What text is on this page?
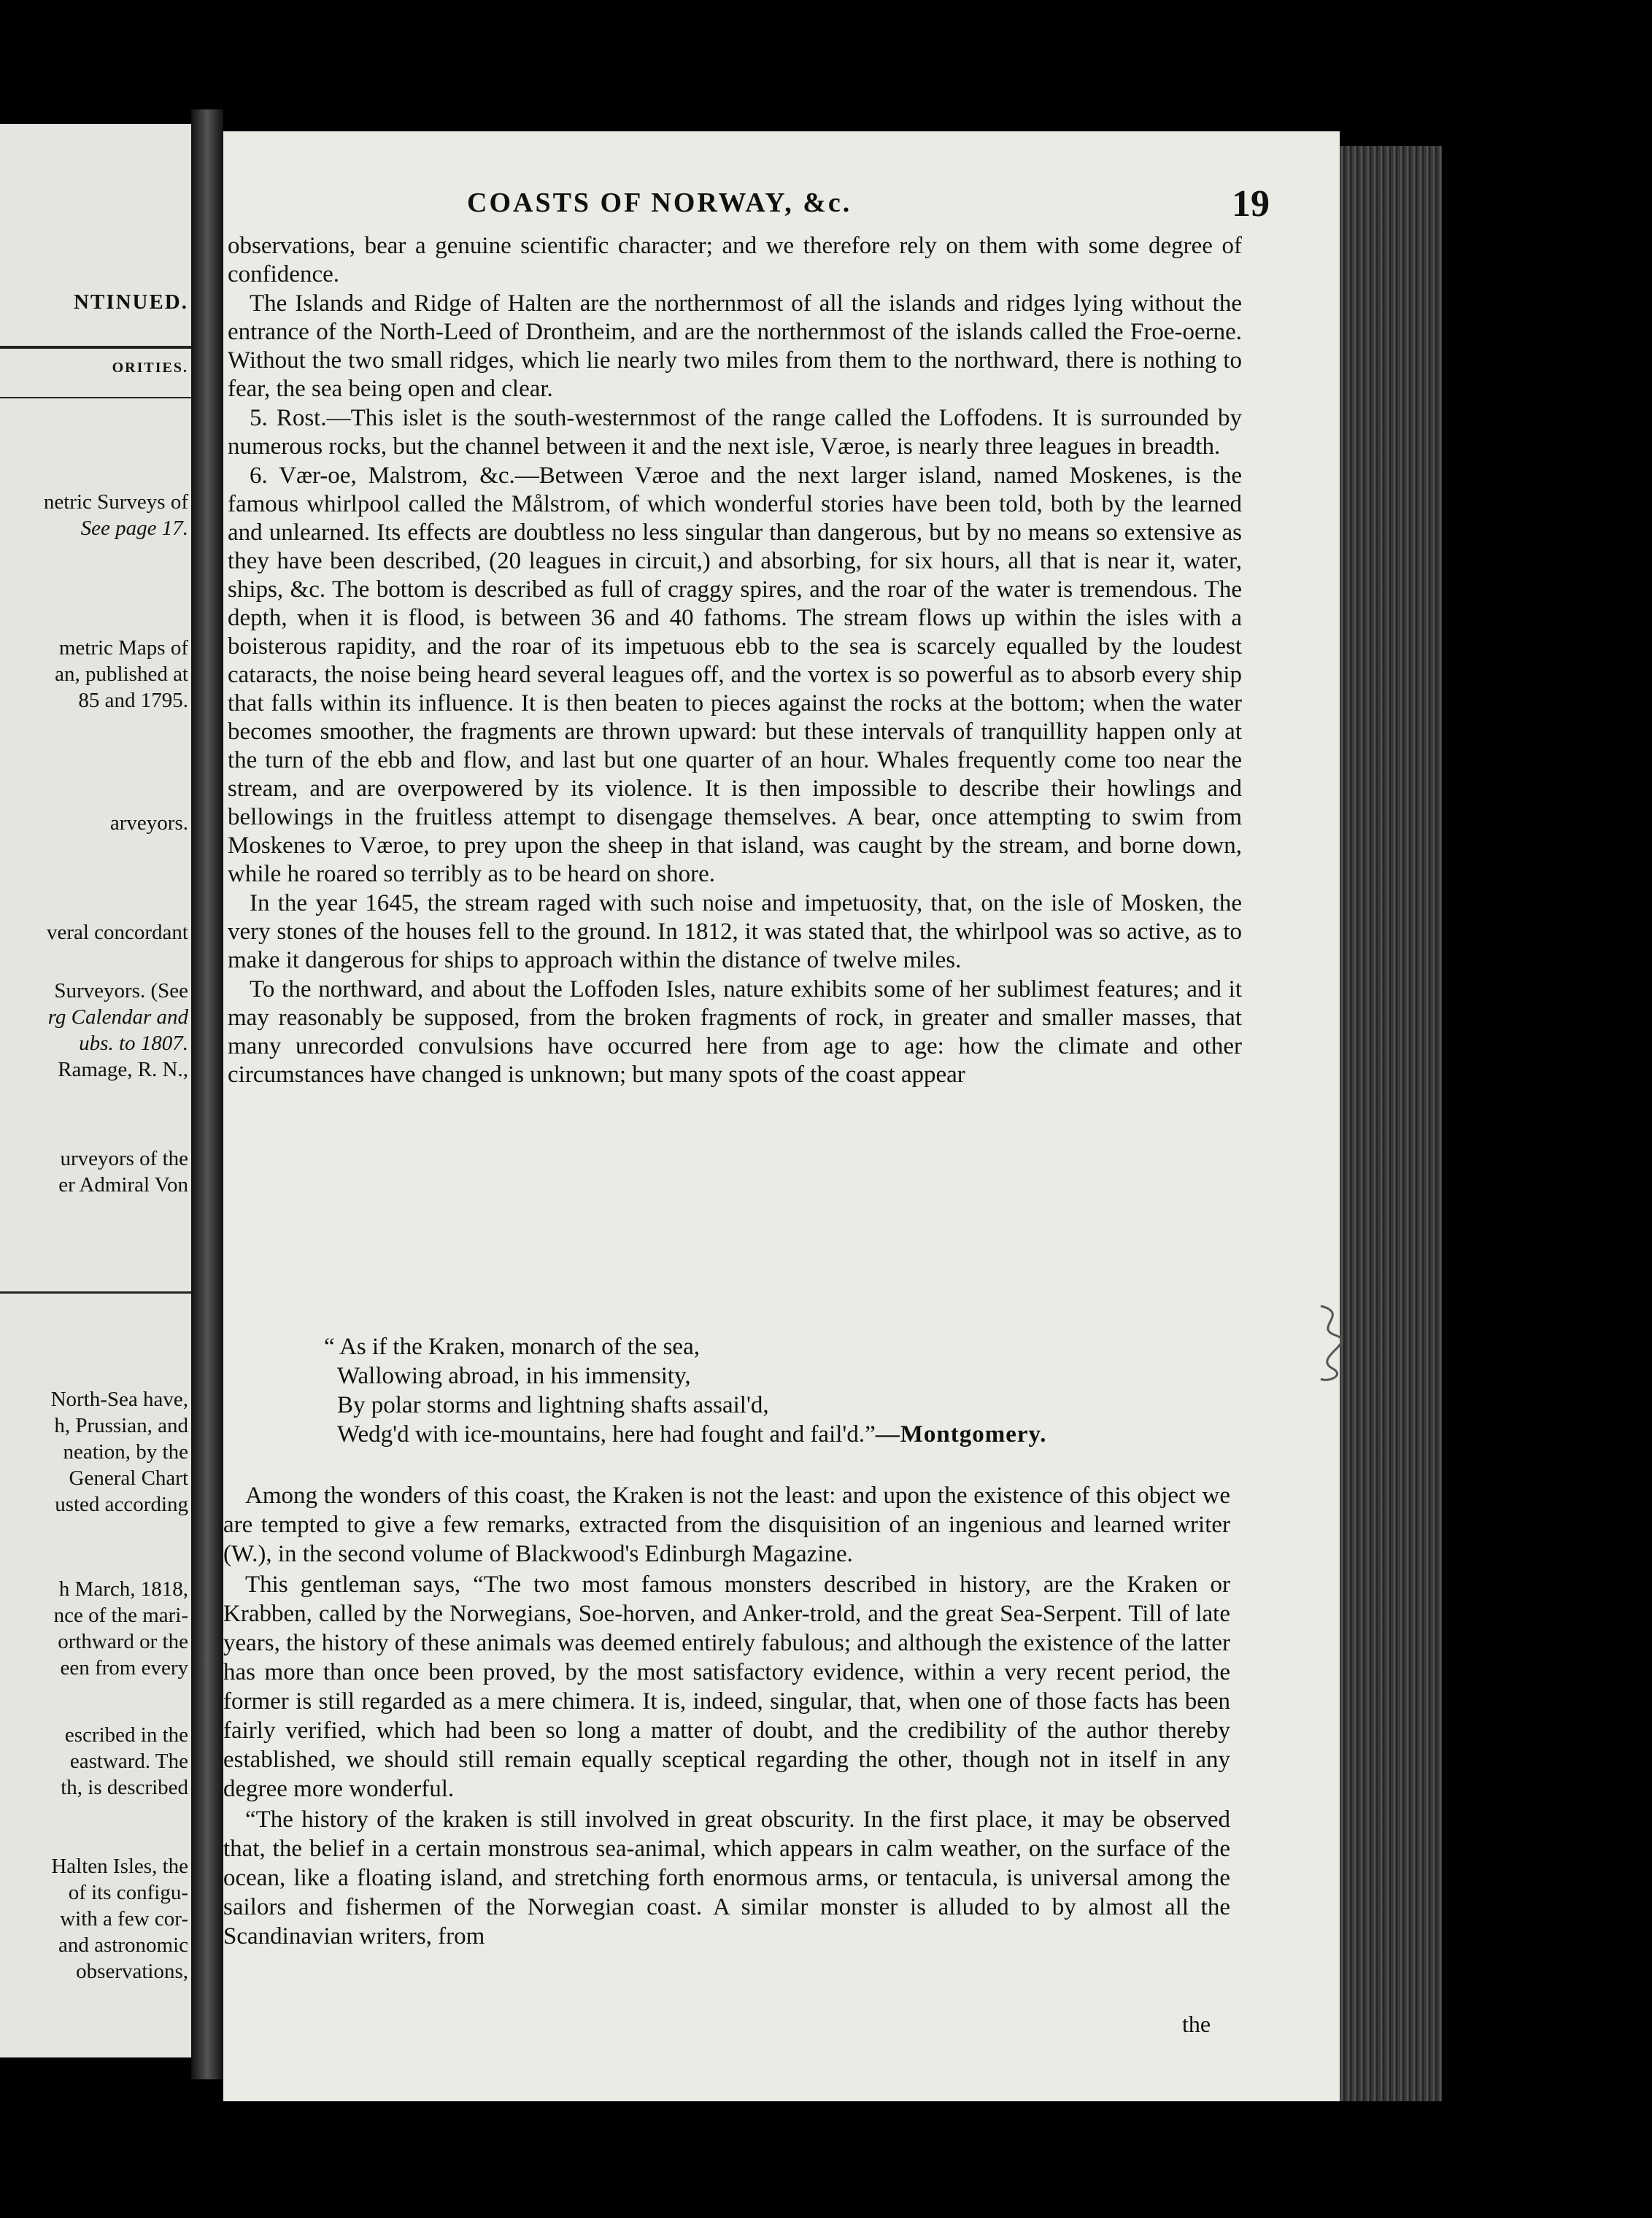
NTINUED.
ORITIES.
netric Surveys of
See page 17.
metric Maps of
an, published at
85 and 1795.
arveyors.
veral concordant
Surveyors. (See
rg Calendar and
ubs. to 1807.
Ramage, R. N.,
urveyors of the
er Admiral Von
North-Sea have,
h, Prussian, and
neation, by the
General Chart
usted according
h March, 1818,
nce of the mari-
orthward or the
een from every
escribed in the
eastward. The
th, is described
Halten Isles, the
of its configu-
with a few cor-
and astronomic
observations,
COASTS OF NORWAY, &c.	19

observations, bear a genuine scientific character; and we therefore rely on them with some degree of confidence.

The Islands and Ridge of Halten are the northernmost of all the islands and ridges lying without the entrance of the North-Leed of Drontheim, and are the northernmost of the islands called the Froe-oerne. Without the two small ridges, which lie nearly two miles from them to the northward, there is nothing to fear, the sea being open and clear.

5. Rost.—This islet is the south-westernmost of the range called the Loffodens. It is surrounded by numerous rocks, but the channel between it and the next isle, Væroe, is nearly three leagues in breadth.

6. Vær-oe, Malstrom, &c.—Between Væroe and the next larger island, named Moskenes, is the famous whirlpool called the Målstrom, of which wonderful stories have been told, both by the learned and unlearned. Its effects are doubtless no less singular than dangerous, but by no means so extensive as they have been described, (20 leagues in circuit,) and absorbing, for six hours, all that is near it, water, ships, &c. The bottom is described as full of craggy spires, and the roar of the water is tremendous. The depth, when it is flood, is between 36 and 40 fathoms. The stream flows up within the isles with a boisterous rapidity, and the roar of its impetuous ebb to the sea is scarcely equalled by the loudest cataracts, the noise being heard several leagues off, and the vortex is so powerful as to absorb every ship that falls within its influence. It is then beaten to pieces against the rocks at the bottom; when the water becomes smoother, the fragments are thrown upward: but these intervals of tranquillity happen only at the turn of the ebb and flow, and last but one quarter of an hour. Whales frequently come too near the stream, and are overpowered by its violence. It is then impossible to describe their howlings and bellowings in the fruitless attempt to disengage themselves. A bear, once attempting to swim from Moskenes to Væroe, to prey upon the sheep in that island, was caught by the stream, and borne down, while he roared so terribly as to be heard on shore.

In the year 1645, the stream raged with such noise and impetuosity, that, on the isle of Mosken, the very stones of the houses fell to the ground. In 1812, it was stated that, the whirlpool was so active, as to make it dangerous for ships to approach within the distance of twelve miles.

To the northward, and about the Loffoden Isles, nature exhibits some of her sublimest features; and it may reasonably be supposed, from the broken fragments of rock, in greater and smaller masses, that many unrecorded convulsions have occurred here from age to age: how the climate and other circumstances have changed is unknown; but many spots of the coast appear

“ As if the Kraken, monarch of the sea,
Wallowing abroad, in his immensity,
By polar storms and lightning shafts assail'd,
Wedg'd with ice-mountains, here had fought and fail'd.”—Montgomery.

Among the wonders of this coast, the Kraken is not the least: and upon the existence of this object we are tempted to give a few remarks, extracted from the disquisition of an ingenious and learned writer (W.), in the second volume of Blackwood's Edinburgh Magazine.

This gentleman says, “The two most famous monsters described in history, are the Kraken or Krabben, called by the Norwegians, Soe-horven, and Anker-trold, and the great Sea-Serpent. Till of late years, the history of these animals was deemed entirely fabulous; and although the existence of the latter has more than once been proved, by the most satisfactory evidence, within a very recent period, the former is still regarded as a mere chimera. It is, indeed, singular, that, when one of those facts has been fairly verified, which had been so long a matter of doubt, and the credibility of the author thereby established, we should still remain equally sceptical regarding the other, though not in itself in any degree more wonderful.

“The history of the kraken is still involved in great obscurity. In the first place, it may be observed that, the belief in a certain monstrous sea-animal, which appears in calm weather, on the surface of the ocean, like a floating island, and stretching forth enormous arms, or tentacula, is universal among the sailors and fishermen of the Norwegian coast. A similar monster is alluded to by almost all the Scandinavian writers, from

the
